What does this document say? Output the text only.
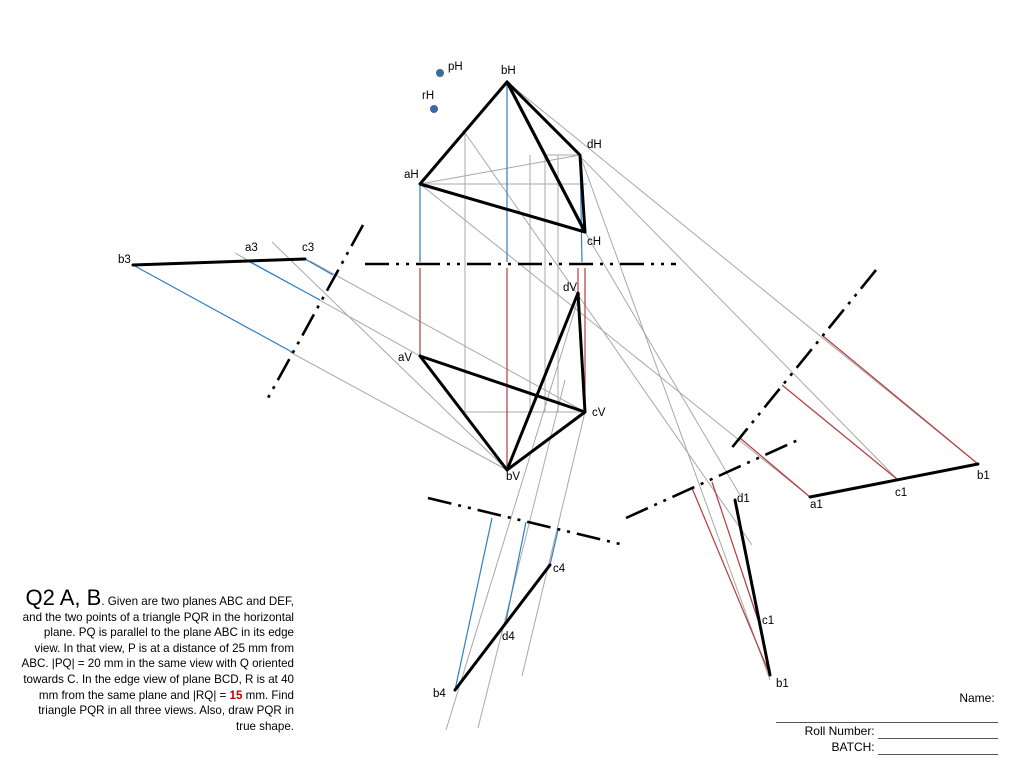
pH
rH
bH
aH
dH
cH
dV
aV
cV
bV
b3
a3	c3
a1
c1
b1
d1
c1
b1
c4
d4
b4
Q2 A, B. Given are two planes ABC and DEF, and the two points of a triangle PQR in the horizontal plane. PQ is parallel to the plane ABC in its edge view. In that view, P is at a distance of 25 mm from ABC. |PQ| = 20 mm in the same view with Q oriented towards C. In the edge view of plane BCD, R is at 40 mm from the same plane and |RQ| = 15 mm. Find triangle PQR in all three views. Also, draw PQR in true shape.
Name:

Roll Number:
BATCH:
